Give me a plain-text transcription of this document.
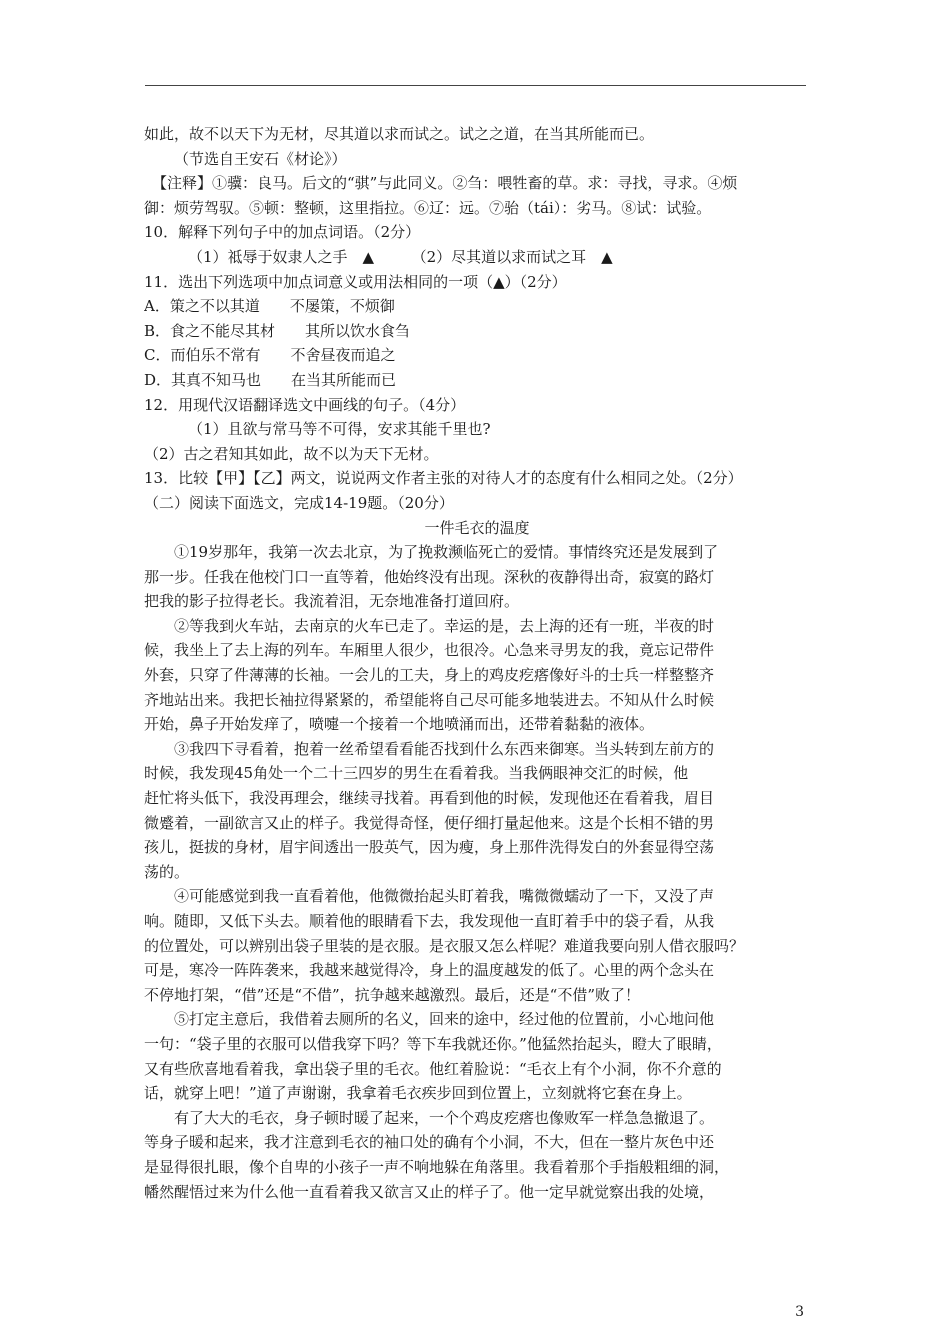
如此，故不以天下为无材，尽其道以求而试之。试之之道，在当其所能而已。
（节选自王安石《材论》）
【注释】①骥：良马。后文的“骐”与此同义。②刍：喂牲畜的草。求：寻找，寻求。④烦
御：烦劳驾驭。⑤顿：整顿，这里指拉。⑥辽：远。⑦骀（tái）：劣马。⑧试：试验。
10．解释下列句子中的加点词语。（2分）
（1）祗辱于奴隶人之手　▲　　　（2）尽其道以求而试之耳　▲
11．选出下列选项中加点词意义或用法相同的一项（▲）（2分）
A．策之不以其道　　不屡策，不烦御
B．食之不能尽其材　　其所以饮水食刍
C．而伯乐不常有　　不舍昼夜而追之
D．其真不知马也　　在当其所能而已
12．用现代汉语翻译选文中画线的句子。（4分）
（1）且欲与常马等不可得，安求其能千里也?
（2）古之君知其如此，故不以为天下无材。
13．比较【甲】【乙】两文，说说两文作者主张的对待人才的态度有什么相同之处。（2分）
（二）阅读下面选文，完成14-19题。（20分）
一件毛衣的温度
①19岁那年，我第一次去北京，为了挽救濒临死亡的爱情。事情终究还是发展到了
那一步。任我在他校门口一直等着，他始终没有出现。深秋的夜静得出奇，寂寞的路灯
把我的影子拉得老长。我流着泪，无奈地准备打道回府。
②等我到火车站，去南京的火车已走了。幸运的是，去上海的还有一班，半夜的时
候，我坐上了去上海的列车。车厢里人很少，也很冷。心急来寻男友的我，竟忘记带件
外套，只穿了件薄薄的长袖。一会儿的工夫，身上的鸡皮疙瘩像好斗的士兵一样整整齐
齐地站出来。我把长袖拉得紧紧的，希望能将自己尽可能多地装进去。不知从什么时候
开始，鼻子开始发痒了，喷嚏一个接着一个地喷涌而出，还带着黏黏的液体。
③我四下寻看着，抱着一丝希望看看能否找到什么东西来御寒。当头转到左前方的
时候，我发现45角处一个二十三四岁的男生在看着我。当我俩眼神交汇的时候，他
赶忙将头低下，我没再理会，继续寻找着。再看到他的时候，发现他还在看着我，眉目
微蹙着，一副欲言又止的样子。我觉得奇怪，便仔细打量起他来。这是个长相不错的男
孩儿，挺拔的身材，眉宇间透出一股英气，因为瘦，身上那件洗得发白的外套显得空荡
荡的。
④可能感觉到我一直看着他，他微微抬起头盯着我，嘴微微蠕动了一下，又没了声
响。随即，又低下头去。顺着他的眼睛看下去，我发现他一直盯着手中的袋子看，从我
的位置处，可以辨别出袋子里装的是衣服。是衣服又怎么样呢？难道我要向别人借衣服吗？
可是，寒冷一阵阵袭来，我越来越觉得冷，身上的温度越发的低了。心里的两个念头在
不停地打架，“借”还是“不借”，抗争越来越激烈。最后，还是“不借”败了！
⑤打定主意后，我借着去厕所的名义，回来的途中，经过他的位置前，小心地问他
一句：“袋子里的衣服可以借我穿下吗？等下车我就还你。”他猛然抬起头，瞪大了眼睛，
又有些欣喜地看着我，拿出袋子里的毛衣。他红着脸说：“毛衣上有个小洞，你不介意的
话，就穿上吧！”道了声谢谢，我拿着毛衣疾步回到位置上，立刻就将它套在身上。
有了大大的毛衣，身子顿时暖了起来，一个个鸡皮疙瘩也像败军一样急急撤退了。
等身子暖和起来，我才注意到毛衣的袖口处的确有个小洞，不大，但在一整片灰色中还
是显得很扎眼，像个自卑的小孩子一声不响地躲在角落里。我看着那个手指般粗细的洞，
幡然醒悟过来为什么他一直看着我又欲言又止的样子了。他一定早就觉察出我的处境，
3
